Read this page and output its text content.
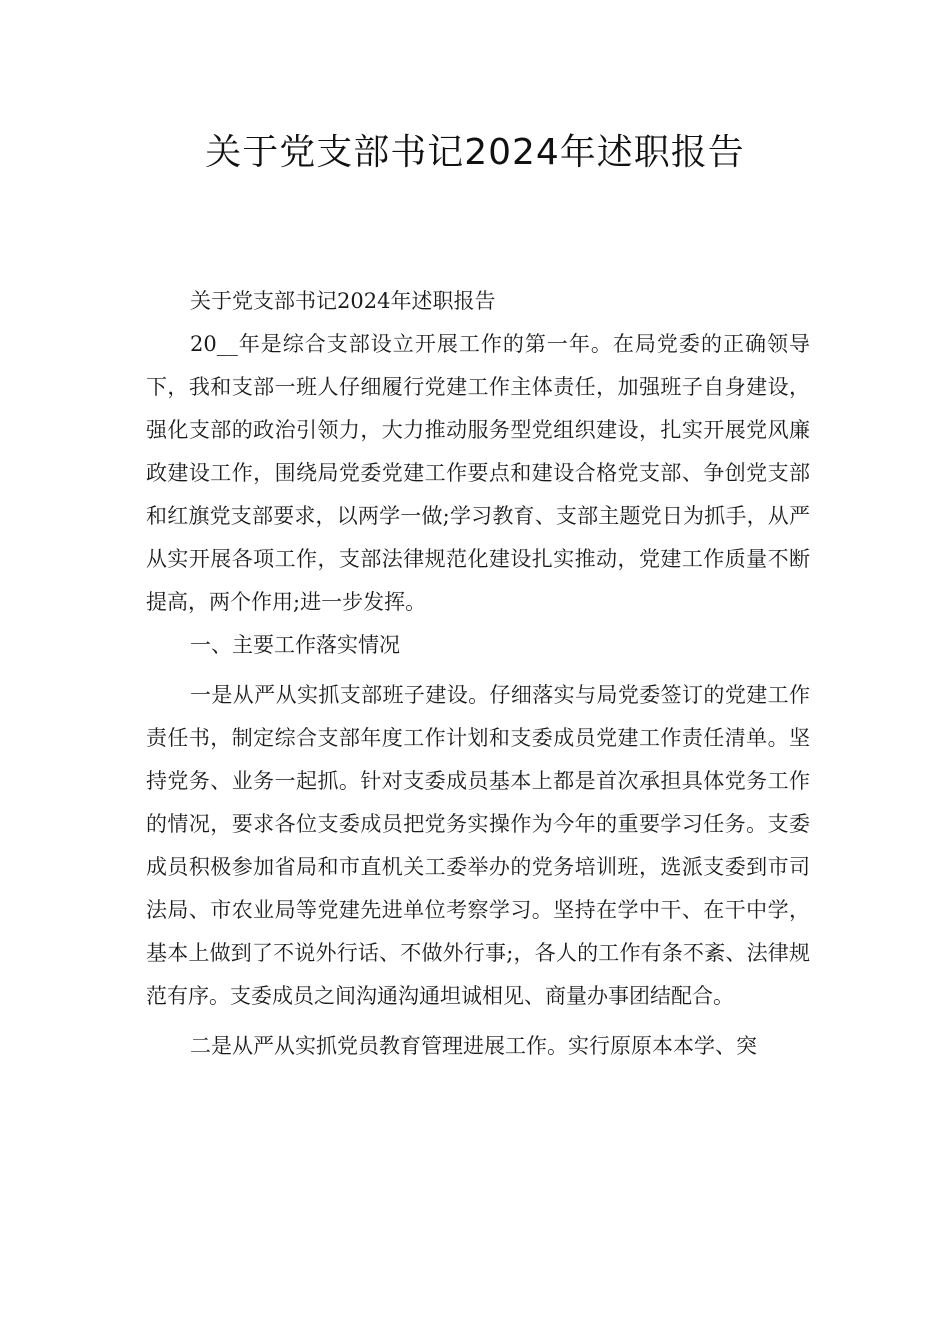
关于党支部书记2024年述职报告

关于党支部书记2024年述职报告

20__年是综合支部设立开展工作的第一年。在局党委的正确领导下，我和支部一班人仔细履行党建工作主体责任，加强班子自身建设，强化支部的政治引领力，大力推动服务型党组织建设，扎实开展党风廉政建设工作，围绕局党委党建工作要点和建设合格党支部、争创党支部和红旗党支部要求，以两学一做;学习教育、支部主题党日为抓手，从严从实开展各项工作，支部法律规范化建设扎实推动，党建工作质量不断提高，两个作用;进一步发挥。

一、主要工作落实情况

一是从严从实抓支部班子建设。仔细落实与局党委签订的党建工作责任书，制定综合支部年度工作计划和支委成员党建工作责任清单。坚持党务、业务一起抓。针对支委成员基本上都是首次承担具体党务工作的情况，要求各位支委成员把党务实操作为今年的重要学习任务。支委成员积极参加省局和市直机关工委举办的党务培训班，选派支委到市司法局、市农业局等党建先进单位考察学习。坚持在学中干、在干中学，基本上做到了不说外行话、不做外行事;，各人的工作有条不紊、法律规范有序。支委成员之间沟通沟通坦诚相见、商量办事团结配合。

二是从严从实抓党员教育管理进展工作。实行原原本本学、突
